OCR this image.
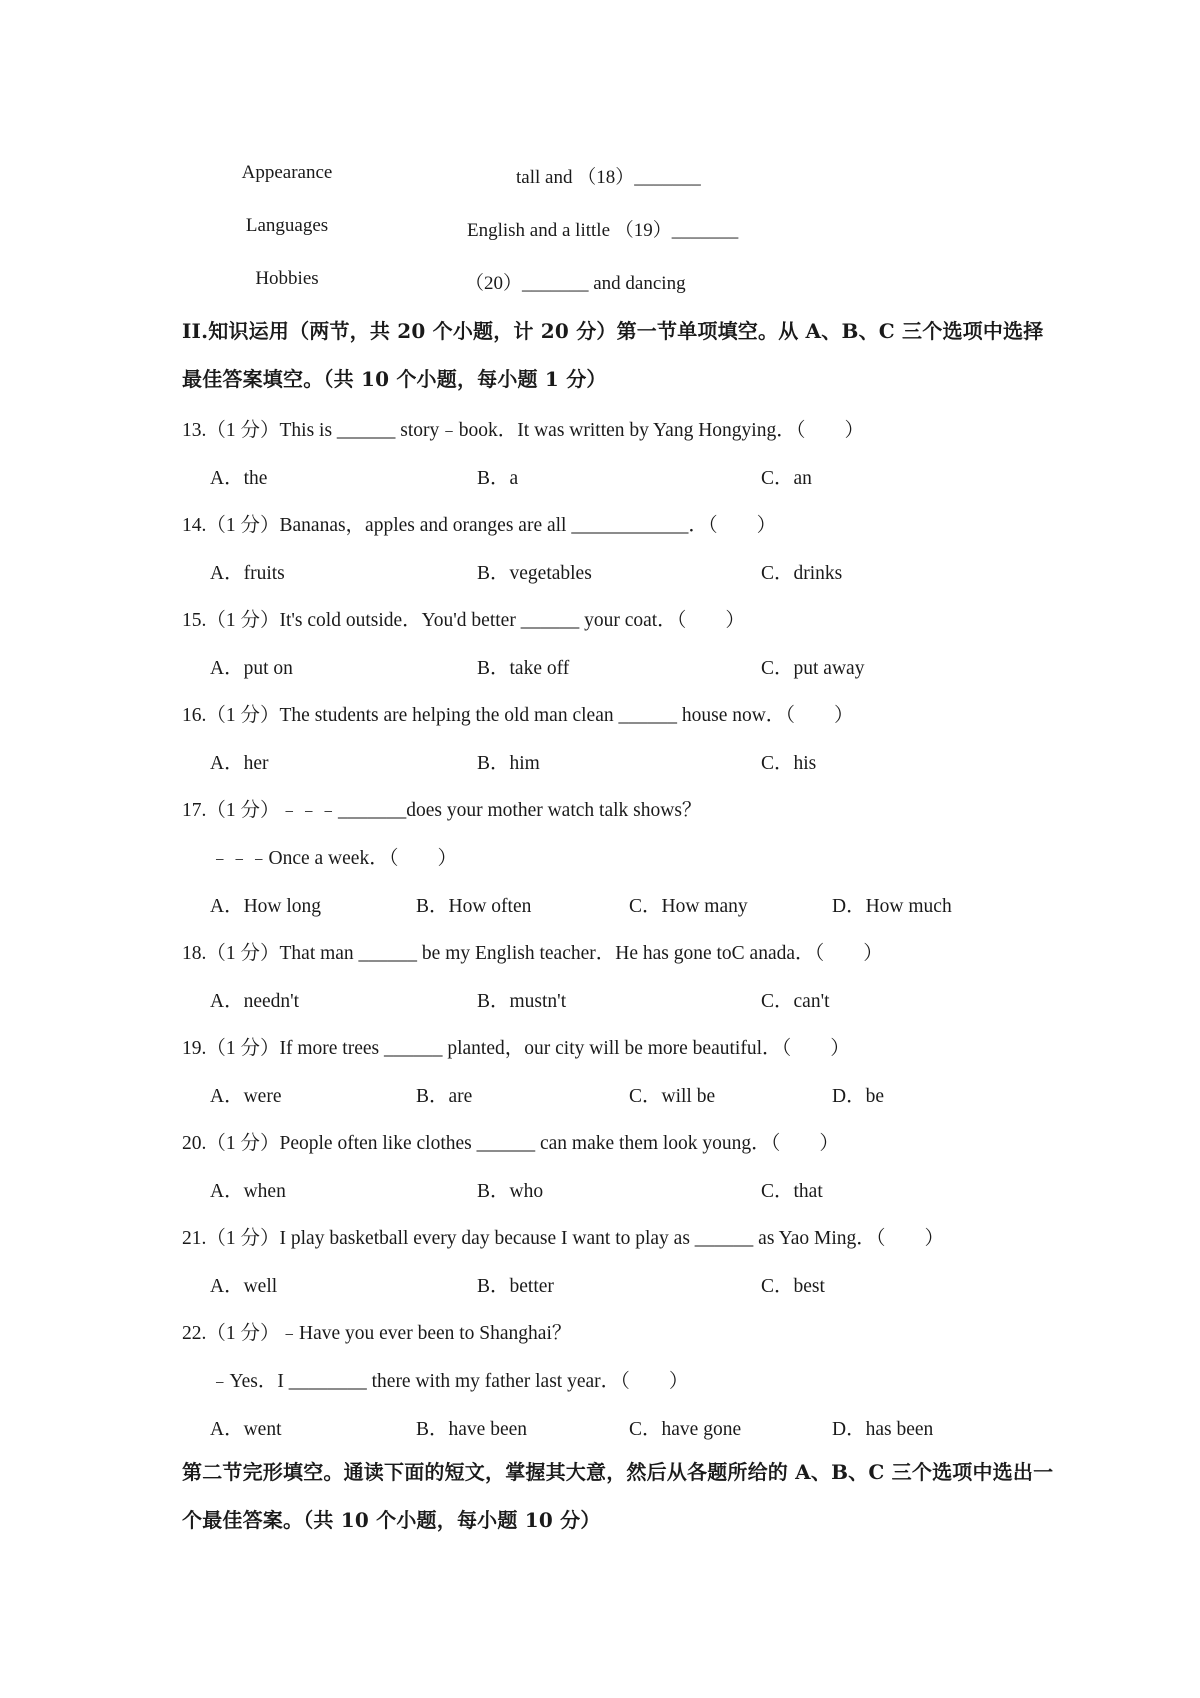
Appearance	tall and （18）_______
Languages	English and a little （19）_______
Hobbies	（20）_______ and dancing
II.知识运用（两节，共 20 个小题，计 20 分）第一节单项填空。从 A、B、C 三个选项中选择最佳答案填空。（共 10 个小题，每小题 1 分）
13.（1 分）This is ______ story﹣book．It was written by Yang Hongying．（　　）
A．the	B．a	C．an
14.（1 分）Bananas，apples and oranges are all ____________．（　　）
A．fruits	B．vegetables	C．drinks
15.（1 分）It's cold outside．You'd better ______ your coat．（　　）
A．put on	B．take off	C．put away
16.（1 分）The students are helping the old man clean ______ house now．（　　）
A．her	B．him	C．his
17.（1 分）﹣﹣﹣_______does your mother watch talk shows？
﹣﹣﹣Once a week．（　　）
A．How long	B．How often	C．How many	D．How much
18.（1 分）That man ______ be my English teacher．He has gone toC anada．（　　）
A．needn't	B．mustn't	C．can't
19.（1 分）If more trees ______ planted，our city will be more beautiful．（　　）
A．were	B．are	C．will be	D．be
20.（1 分）People often like clothes ______ can make them look young．（　　）
A．when	B．who	C．that
21.（1 分）I play basketball every day because I want to play as ______ as Yao Ming．（　　）
A．well	B．better	C．best
22.（1 分）﹣Have you ever been to Shanghai？
﹣Yes．I ________ there with my father last year．（　　）
A．went	B．have been	C．have gone	D．has been
第二节完形填空。通读下面的短文，掌握其大意，然后从各题所给的 A、B、C 三个选项中选出一个最佳答案。（共 10 个小题，每小题 10 分）
